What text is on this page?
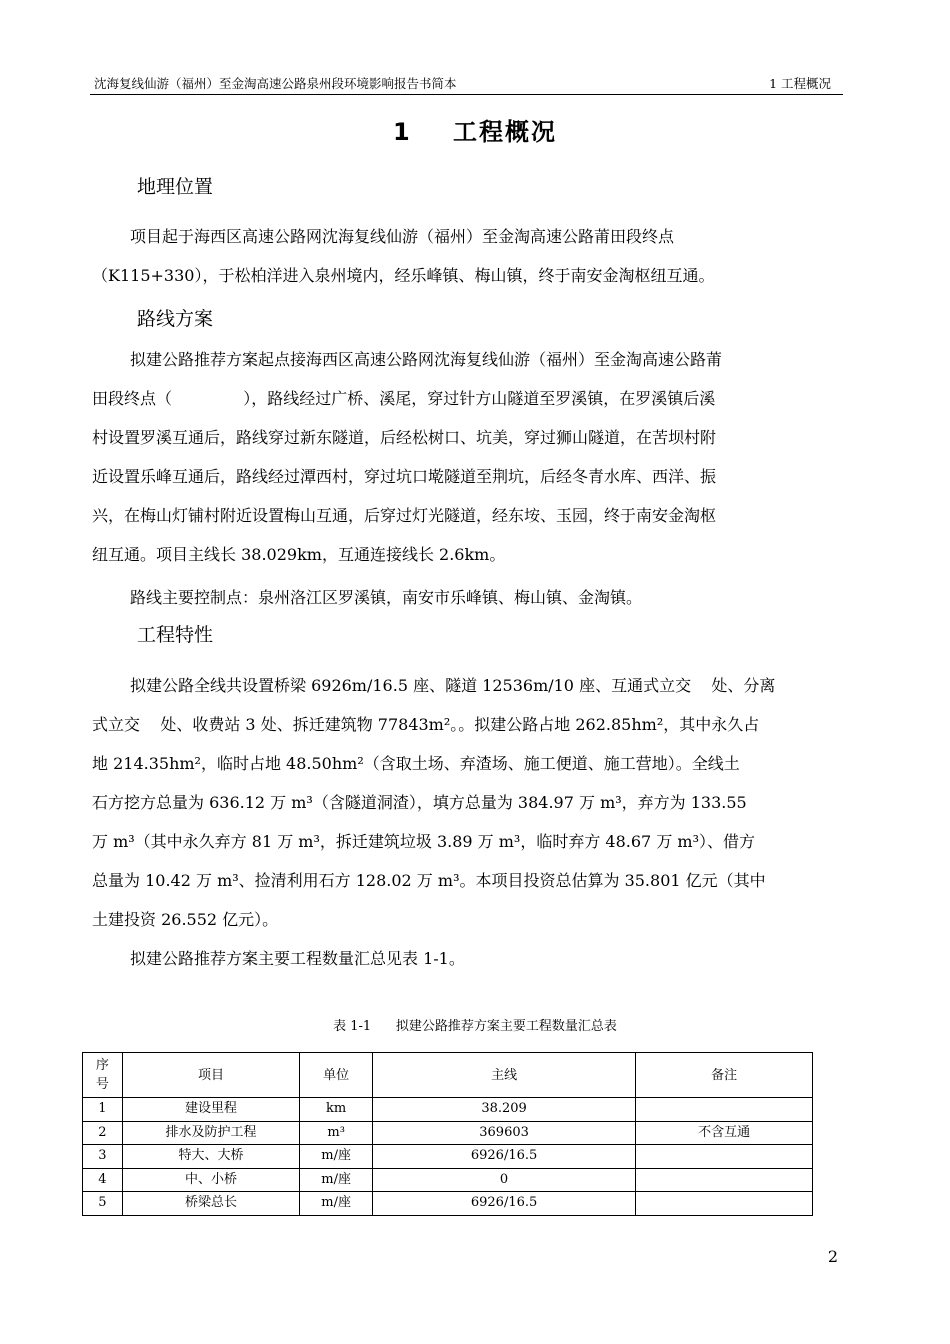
沈海复线仙游（福州）至金淘高速公路泉州段环境影响报告书简本	1 工程概况
1    工程概况
地理位置
项目起于海西区高速公路网沈海复线仙游（福州）至金淘高速公路莆田段终点
（K115+330），于松柏洋进入泉州境内，经乐峰镇、梅山镇，终于南安金淘枢纽互通。
路线方案
拟建公路推荐方案起点接海西区高速公路网沈海复线仙游（福州）至金淘高速公路莆
田段终点（              ），路线经过广桥、溪尾，穿过针方山隧道至罗溪镇，在罗溪镇后溪
村设置罗溪互通后，路线穿过新东隧道，后经松树口、坑美，穿过狮山隧道，在苦坝村附
近设置乐峰互通后，路线经过潭西村，穿过坑口墘隧道至荆坑，后经冬青水库、西洋、振
兴，在梅山灯铺村附近设置梅山互通，后穿过灯光隧道，经东垵、玉园，终于南安金淘枢
纽互通。项目主线长 38.029km，互通连接线长 2.6km。
路线主要控制点：泉州洛江区罗溪镇，南安市乐峰镇、梅山镇、金淘镇。
工程特性
拟建公路全线共设置桥梁 6926m/16.5 座、隧道 12536m/10 座、互通式立交    处、分离
式立交    处、收费站 3 处、拆迁建筑物 77843m²。。拟建公路占地 262.85hm²，其中永久占
地 214.35hm²，临时占地 48.50hm²（含取土场、弃渣场、施工便道、施工营地）。全线土
石方挖方总量为 636.12 万 m³（含隧道洞渣），填方总量为 384.97 万 m³，弃方为 133.55
万 m³（其中永久弃方 81 万 m³，拆迁建筑垃圾 3.89 万 m³，临时弃方 48.67 万 m³）、借方
总量为 10.42 万 m³、捡清利用石方 128.02 万 m³。本项目投资总估算为 35.801 亿元（其中
土建投资 26.552 亿元）。
拟建公路推荐方案主要工程数量汇总见表 1-1。
表 1-1      拟建公路推荐方案主要工程数量汇总表
序号	项目	单位	主线	备注
1	建设里程	km	38.209	
2	排水及防护工程	m³	369603	不含互通
3	特大、大桥	m/座	6926/16.5	
4	中、小桥	m/座	0	
5	桥梁总长	m/座	6926/16.5	
2
